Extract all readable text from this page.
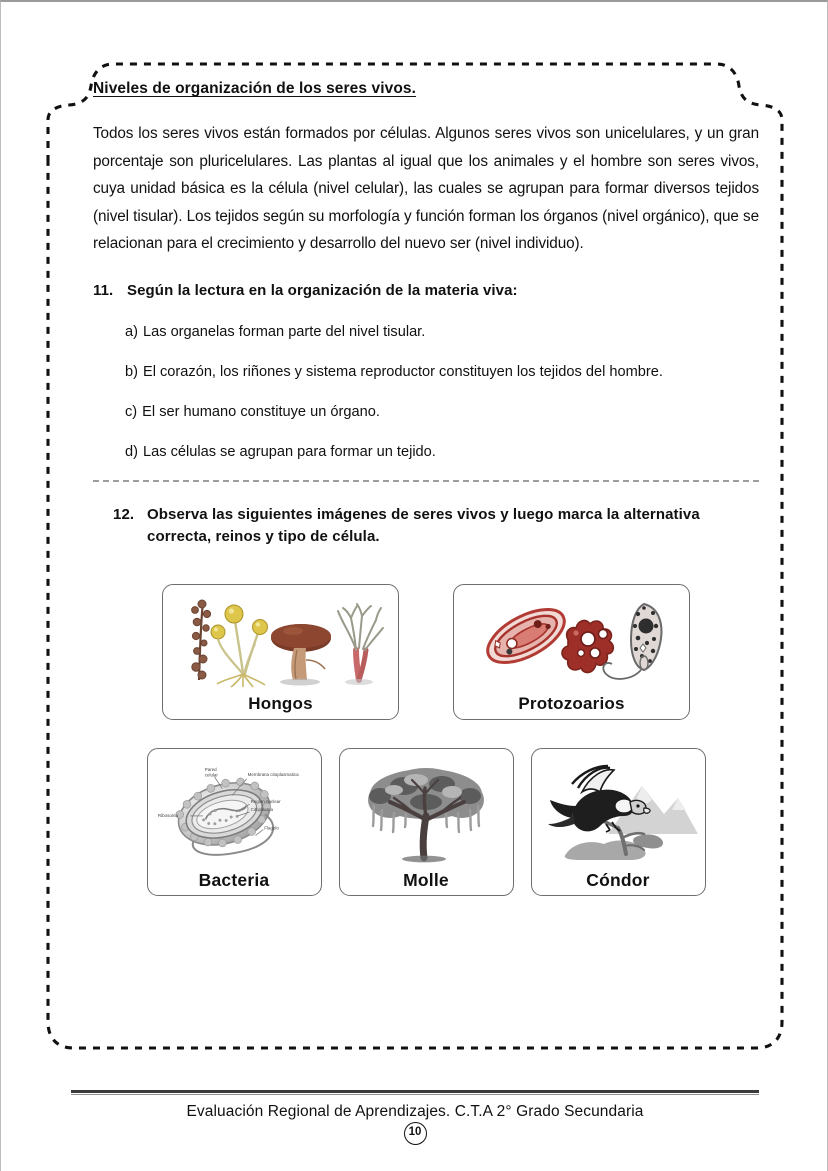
Niveles de organización de los seres vivos.

Todos los seres vivos están formados por células. Algunos seres vivos son unicelulares, y un gran porcentaje son pluricelulares. Las plantas al igual que los animales y el hombre son seres vivos, cuya unidad básica es la célula (nivel celular), las cuales se agrupan para formar diversos tejidos (nivel tisular). Los tejidos según su morfología y función forman los órganos (nivel orgánico), que se relacionan para el crecimiento y desarrollo del nuevo ser (nivel individuo).

11. Según la lectura en la organización de la materia viva:
a) Las organelas forman parte del nivel tisular.
b) El corazón, los riñones y sistema reproductor constituyen los tejidos del hombre.
c) El ser humano constituye un órgano.
d) Las células se agrupan para formar un tejido.
12. Observa las siguientes imágenes de seres vivos y luego marca la alternativa correcta, reinos y tipo de célula.
Hongos	Protozoarios
Pared
celular	Membrana citoplasmatica
Region nuclear
Citoplasma
Ribosoma
Flagelo
Bacteria	Molle	Cóndor
Evaluación Regional de Aprendizajes. C.T.A 2° Grado Secundaria
10
